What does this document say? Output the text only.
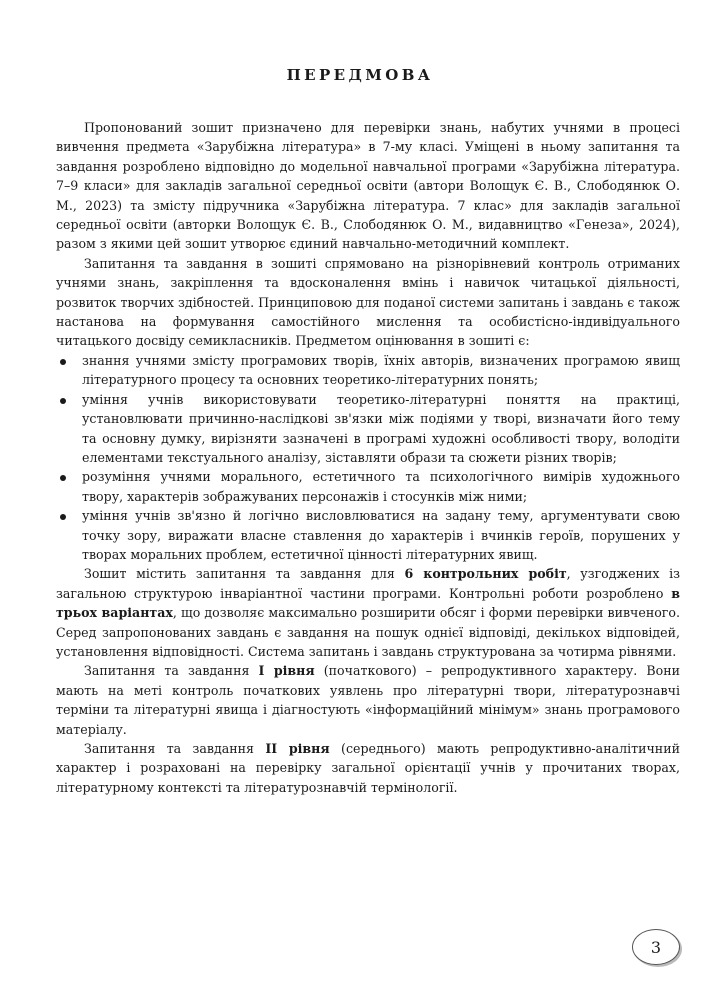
ПЕРЕДМОВА

Пропонований зошит призначено для перевірки знань, набутих учнями в процесі вивчення предмета «Зарубіжна література» в 7-му класі. Уміщені в ньому запитання та завдання розроблено відповідно до модельної навчальної програми «Зарубіжна література. 7–9 класи» для закладів загальної середньої освіти (автори Волощук Є. В., Слободянюк О. М., 2023) та змісту підручника «Зарубіжна література. 7 клас» для закладів загальної середньої освіти (авторки Волощук Є. В., Слободянюк О. М., видавництво «Генеза», 2024), разом з якими цей зошит утворює єдиний навчально-методичний комплект.

Запитання та завдання в зошиті спрямовано на різнорівневий контроль отриманих учнями знань, закріплення та вдосконалення вмінь і навичок читацької діяльності, розвиток творчих здібностей. Принциповою для поданої системи запитань і завдань є також настанова на формування самостійного мислення та особистісно-індивідуального читацького досвіду семикласників. Предметом оцінювання в зошиті є:

знання учнями змісту програмових творів, їхніх авторів, визначених програмою явищ літературного процесу та основних теоретико-літературних понять;
уміння учнів використовувати теоретико-літературні поняття на практиці, установлювати причинно-наслідкові зв'язки між подіями у творі, визначати його тему та основну думку, вирізняти зазначені в програмі художні особливості твору, володіти елементами текстуального аналізу, зіставляти образи та сюжети різних творів;
розуміння учнями морального, естетичного та психологічного вимірів художнього твору, характерів зображуваних персонажів і стосунків між ними;
уміння учнів зв'язно й логічно висловлюватися на задану тему, аргументувати свою точку зору, виражати власне ставлення до характерів і вчинків героїв, порушених у творах моральних проблем, естетичної цінності літературних явищ.

Зошит містить запитання та завдання для 6 контрольних робіт, узгоджених із загальною структурою інваріантної частини програми. Контрольні роботи розроблено в трьох варіантах, що дозволяє максимально розширити обсяг і форми перевірки вивченого. Серед запропонованих завдань є завдання на пошук однієї відповіді, декількох відповідей, установлення відповідності. Система запитань і завдань структурована за чотирма рівнями.

Запитання та завдання І рівня (початкового) – репродуктивного характеру. Вони мають на меті контроль початкових уявлень про літературні твори, літературознавчі терміни та літературні явища і діагностують «інформаційний мінімум» знань програмового матеріалу.

Запитання та завдання ІІ рівня (середнього) мають репродуктивно-аналітичний характер і розраховані на перевірку загальної орієнтації учнів у прочитаних творах, літературному контексті та літературознавчій термінології.

3
